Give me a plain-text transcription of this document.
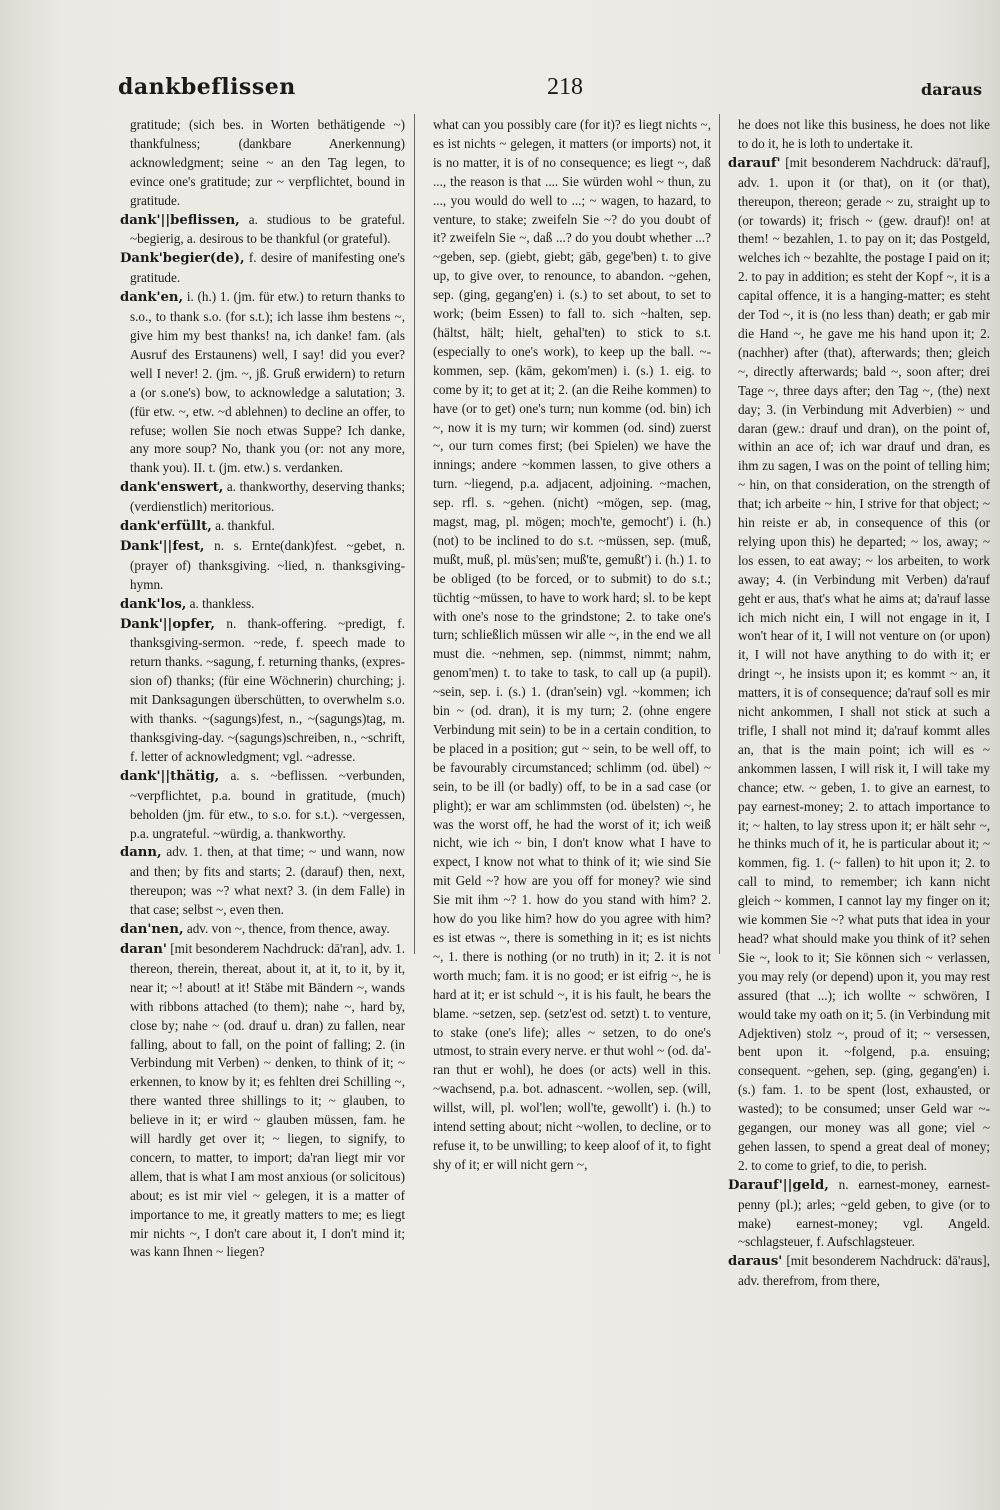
dankbeflissen	218	daraus

gratitude; (sich bes. in Worten bethätigende ~) thankfulness; (dankbare Anerkennung) acknowledgment; seine ~ an den Tag legen, to evince one's gratitude; zur ~ verpflichtet, bound in gratitude.

dank'||beflissen, a. studious to be grateful. ~begierig, a. desirous to be thankful (or grateful).

Dank'begier(de), f. desire of manifesting one's gratitude.

dank'en, i. (h.) 1. (jm. für etw.) to return thanks to s.o., to thank s.o. (for s.t.); ich lasse ihm bestens ~, give him my best thanks! na, ich danke! fam. (als Ausruf des Erstaunens) well, I say! did you ever? well I never! 2. (jm. ~, jß. Gruß erwidern) to return a (or s.one's) bow, to acknowledge a salutation; 3. (für etw. ~, etw. ~d ablehnen) to decline an offer, to refuse; wollen Sie noch etwas Suppe? Ich danke, any more soup? No, thank you (or: not any more, thank you). II. t. (jm. etw.) s. verdanken.

dank'enswert, a. thankworthy, deserving thanks; (verdienstlich) meritorious.

dank'erfüllt, a. thankful.

Dank'||fest, n. s. Ernte(dank)fest. ~gebet, n. (prayer of) thanksgiving. ~lied, n. thanksgiving-hymn.

dank'los, a. thankless.

Dank'||opfer, n. thank-offering. ~predigt, f. thanksgiving-sermon. ~rede, f. speech made to return thanks. ~sagung, f. returning thanks, (expression of) thanks; (für eine Wöchnerin) churching; j. mit Danksagungen überschütten, to overwhelm s.o. with thanks. ~(sagungs)fest, n., ~(sagungs)tag, m. thanksgiving-day. ~(sagungs)schreiben, n., ~schrift, f. letter of acknowledgment; vgl. ~adresse.

dank'||thätig, a. s. ~beflissen. ~verbunden, ~verpflichtet, p.a. bound in gratitude, (much) beholden (jm. für etw., to s.o. for s.t.). ~vergessen, p.a. ungrateful. ~würdig, a. thankworthy.

dann, adv. 1. then, at that time; ~ und wann, now and then; by fits and starts; 2. (darauf) then, next, thereupon; was ~? what next? 3. (in dem Falle) in that case; selbst ~, even then.

dan'nen, adv. von ~, thence, from thence, away.

daran' [mit besonderem Nachdruck: dā'ran], adv. 1. thereon, therein, thereat, about it, at it, to it, by it, near it; ~! about! at it! Stäbe mit Bändern ~, wands with ribbons attached (to them); nahe ~, hard by, close by; nahe ~ (od. drauf u. dran) zu fallen, near falling, about to fall, on the point of falling; 2. (in Verbindung mit Verben) ~ denken, to think of it; ~ erkennen, to know by it; es fehlten drei Schilling ~, there wanted three shillings to it; ~ glauben, to believe in it; er wird ~ glauben müssen, fam. he will hardly get over it; ~ liegen, to signify, to concern, to matter, to import; da'ran liegt mir vor allem, that is what I am most anxious (or solicitous) about; es ist mir viel ~ gelegen, it is a matter of importance to me, it greatly matters to me; es liegt mir nichts ~, I don't care about it, I don't mind it; was kann Ihnen ~ liegen?

what can you possibly care (for it)? es liegt nichts ~, es ist nichts ~ gelegen, it matters (or imports) not, it is no matter, it is of no consequence; es liegt ~, daß ..., the reason is that .... Sie würden wohl ~ thun, zu ..., you would do well to ...; ~ wagen, to hazard, to venture, to stake; zweifeln Sie ~? do you doubt of it? zweifeln Sie ~, daß ...? do you doubt whether ...? ~geben, sep. (giebt, giebt; gāb, gege'ben) t. to give up, to give over, to renounce, to abandon. ~gehen, sep. (ging, gegang'en) i. (s.) to set about, to set to work; (beim Essen) to fall to. sich ~halten, sep. (hältst, hält; hielt, gehal'ten) to stick to s.t. (especially to one's work), to keep up the ball. ~kommen, sep. (kām, gekom'men) i. (s.) 1. eig. to come by it; to get at it; 2. (an die Reihe kommen) to have (or to get) one's turn; nun komme (od. bin) ich ~, now it is my turn; wir kommen (od. sind) zuerst ~, our turn comes first; (bei Spielen) we have the innings; andere ~kommen lassen, to give others a turn. ~liegend, p.a. adjacent, adjoining. ~machen, sep. rfl. s. ~gehen. (nicht) ~mögen, sep. (mag, magst, mag, pl. mögen; moch'te, gemocht') i. (h.) (not) to be inclined to do s.t. ~müssen, sep. (muß, mußt, muß, pl. müs'sen; muß'te, gemußt') i. (h.) 1. to be obliged (to be forced, or to submit) to do s.t.; tüchtig ~müssen, to have to work hard; sl. to be kept with one's nose to the grindstone; 2. to take one's turn; schließlich müssen wir alle ~, in the end we all must die. ~nehmen, sep. (nimmst, nimmt; nahm, genom'men) t. to take to task, to call up (a pupil). ~sein, sep. i. (s.) 1. (dran'sein) vgl. ~kommen; ich bin ~ (od. dran), it is my turn; 2. (ohne engere Verbindung mit sein) to be in a certain condition, to be placed in a position; gut ~ sein, to be well off, to be favourably circumstanced; schlimm (od. übel) ~ sein, to be ill (or badly) off, to be in a sad case (or plight); er war am schlimmsten (od. übelsten) ~, he was the worst off, he had the worst of it; ich weiß nicht, wie ich ~ bin, I don't know what I have to expect, I know not what to think of it; wie sind Sie mit Geld ~? how are you off for money? wie sind Sie mit ihm ~? 1. how do you stand with him? 2. how do you like him? how do you agree with him? es ist etwas ~, there is something in it; es ist nichts ~, 1. there is nothing (or no truth) in it; 2. it is not worth much; fam. it is no good; er ist eifrig ~, he is hard at it; er ist schuld ~, it is his fault, he bears the blame. ~setzen, sep. (setz'est od. setzt) t. to venture, to stake (one's life); alles ~ setzen, to do one's utmost, to strain every nerve. er thut wohl ~ (od. da'ran thut er wohl), he does (or acts) well in this. ~wachsend, p.a. bot. adnascent. ~wollen, sep. (will, willst, will, pl. wol'len; woll'te, gewollt') i. (h.) to intend setting about; nicht ~wollen, to decline, or to refuse it, to be unwilling; to keep aloof of it, to fight shy of it; er will nicht gern ~,

he does not like this business, he does not like to do it, he is loth to undertake it.

darauf' [mit besonderem Nachdruck: dā'rauf], adv. 1. upon it (or that), on it (or that), thereupon, thereon; gerade ~ zu, straight up to (or towards) it; frisch ~ (gew. drauf)! on! at them! ~ bezahlen, 1. to pay on it; das Postgeld, welches ich ~ bezahlte, the postage I paid on it; 2. to pay in addition; es steht der Kopf ~, it is a capital offence, it is a hanging-matter; es steht der Tod ~, it is (no less than) death; er gab mir die Hand ~, he gave me his hand upon it; 2. (nachher) after (that), afterwards; then; gleich ~, directly afterwards; bald ~, soon after; drei Tage ~, three days after; den Tag ~, (the) next day; 3. (in Verbindung mit Adverbien) ~ und daran (gew.: drauf und dran), on the point of, within an ace of; ich war drauf und dran, es ihm zu sagen, I was on the point of telling him; ~ hin, on that consideration, on the strength of that; ich arbeite ~ hin, I strive for that object; ~ hin reiste er ab, in consequence of this (or relying upon this) he departed; ~ los, away; ~ los essen, to eat away; ~ los arbeiten, to work away; 4. (in Verbindung mit Verben) da'rauf geht er aus, that's what he aims at; da'rauf lasse ich mich nicht ein, I will not engage in it, I won't hear of it, I will not venture on (or upon) it, I will not have anything to do with it; er dringt ~, he insists upon it; es kommt ~ an, it matters, it is of consequence; da'rauf soll es mir nicht ankommen, I shall not stick at such a trifle, I shall not mind it; da'rauf kommt alles an, that is the main point; ich will es ~ ankommen lassen, I will risk it, I will take my chance; etw. ~ geben, 1. to give an earnest, to pay earnest-money; 2. to attach importance to it; ~ halten, to lay stress upon it; er hält sehr ~, he thinks much of it, he is particular about it; ~ kommen, fig. 1. (~ fallen) to hit upon it; 2. to call to mind, to remember; ich kann nicht gleich ~ kommen, I cannot lay my finger on it; wie kommen Sie ~? what puts that idea in your head? what should make you think of it? sehen Sie ~, look to it; Sie können sich ~ verlassen, you may rely (or depend) upon it, you may rest assured (that ...); ich wollte ~ schwören, I would take my oath on it; 5. (in Verbindung mit Adjektiven) stolz ~, proud of it; ~ versessen, bent upon it. ~folgend, p.a. ensuing; consequent. ~gehen, sep. (ging, gegang'en) i. (s.) fam. 1. to be spent (lost, exhausted, or wasted); to be consumed; unser Geld war ~gegangen, our money was all gone; viel ~ gehen lassen, to spend a great deal of money; 2. to come to grief, to die, to perish.

Darauf'||geld, n. earnest-money, earnest-penny (pl.); arles; ~geld geben, to give (or to make) earnest-money; vgl. Angeld. ~schlagsteuer, f. Aufschlagsteuer.

daraus' [mit besonderem Nachdruck: dā'raus], adv. therefrom, from there,
